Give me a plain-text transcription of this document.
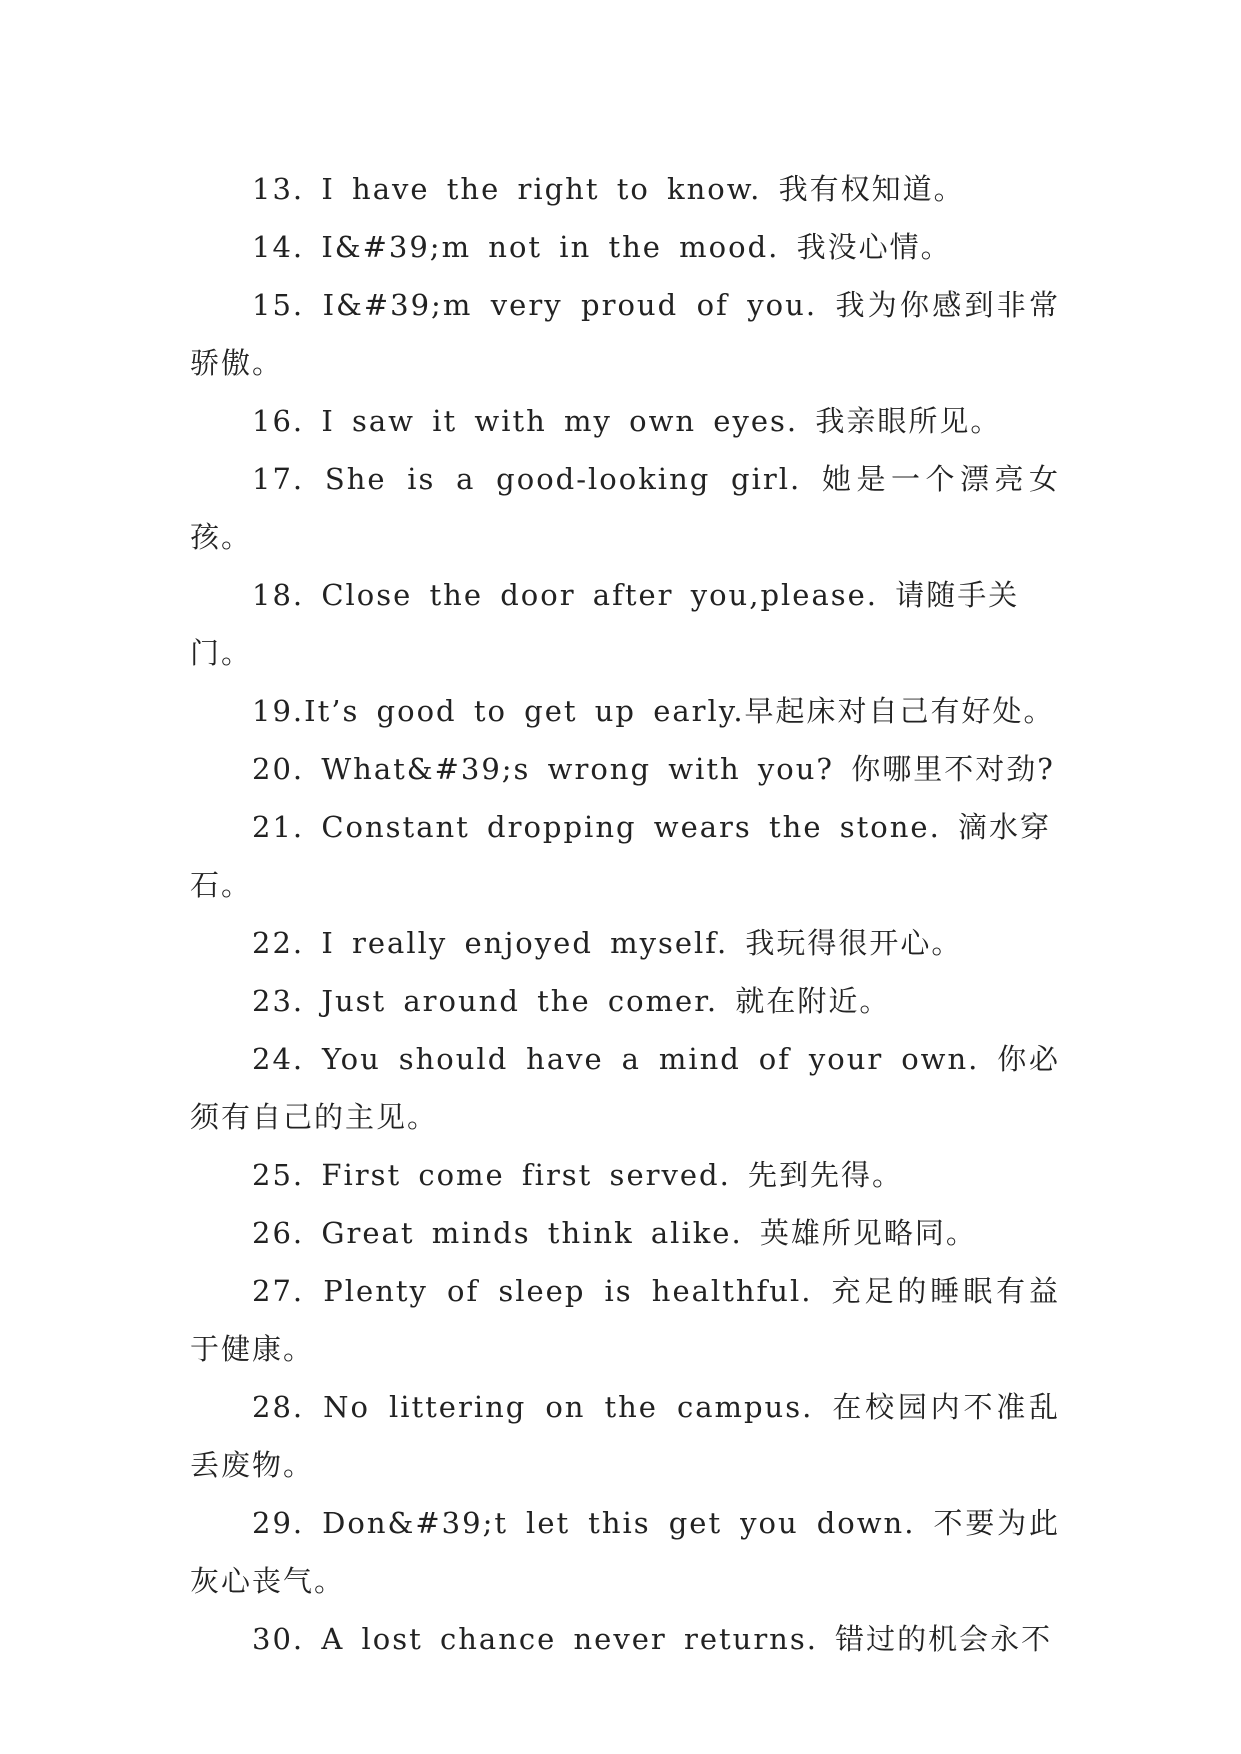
13. I have the right to know. 我有权知道。

14. I&#39;m not in the mood. 我没心情。

15. I&#39;m very proud of you. 我为你感到非常骄傲。

16. I saw it with my own eyes. 我亲眼所见。

17. She is a good-looking girl. 她是一个漂亮女孩。

18. Close the door after you,please. 请随手关门。

19.It’s good to get up early.早起床对自己有好处。

20. What&#39;s wrong with you? 你哪里不对劲?

21. Constant dropping wears the stone. 滴水穿石。

22. I really enjoyed myself. 我玩得很开心。

23. Just around the comer. 就在附近。

24. You should have a mind of your own. 你必须有自己的主见。

25. First come first served. 先到先得。

26. Great minds think alike. 英雄所见略同。

27. Plenty of sleep is healthful. 充足的睡眠有益于健康。

28. No littering on the campus. 在校园内不准乱丢废物。

29. Don&#39;t let this get you down. 不要为此灰心丧气。

30. A lost chance never returns. 错过的机会永不
